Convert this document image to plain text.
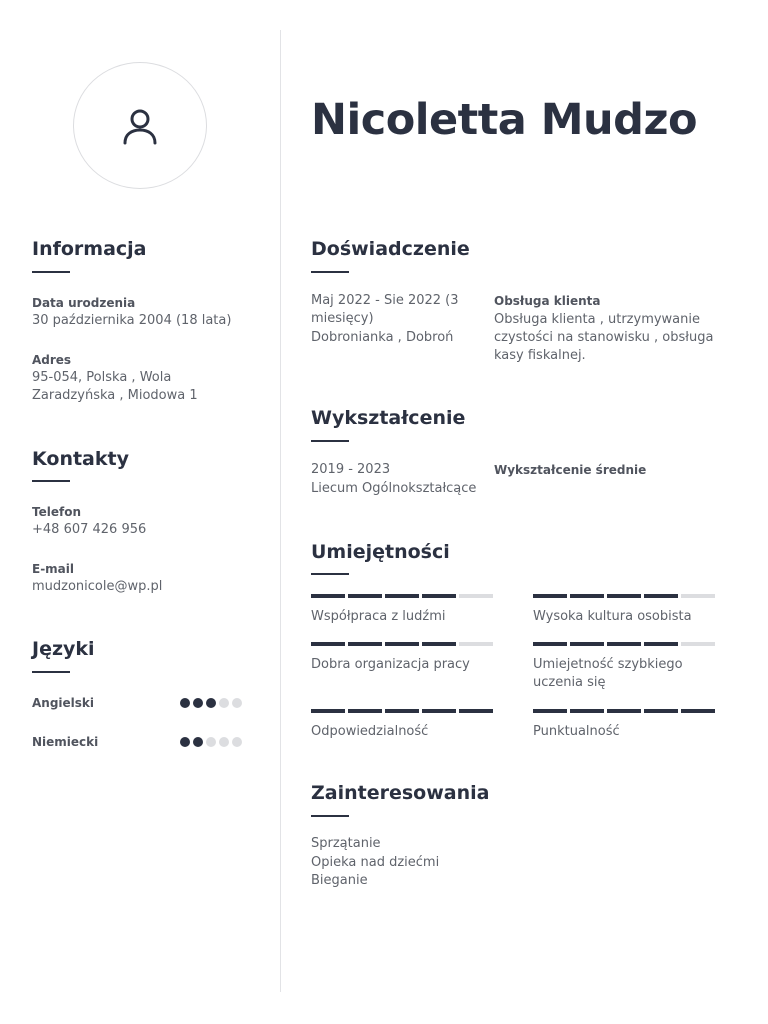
Nicoletta Mudzo
Informacja
Data urodzenia
30 października 2004 (18 lata)
Adres
95-054, Polska , Wola Zaradzyńska , Miodowa 1
Kontakty
Telefon
+48 607 426 956
E-mail
mudzonicole@wp.pl
Języki
Angielski
Niemiecki
Doświadczenie
Maj 2022 - Sie 2022 (3 miesięcy)
Dobronianka , Dobroń
Obsługa klienta
Obsługa klienta , utrzymywanie czystości na stanowisku , obsługa kasy fiskalnej.
Wykształcenie
2019 - 2023
Liecum Ogólnokształcące
Wykształcenie średnie
Umiejętności
Współpraca z ludźmi	Wysoka kultura osobista
Dobra organizacja pracy	Umiejetność szybkiego uczenia się
Odpowiedzialność	Punktualność
Zainteresowania
Sprzątanie
Opieka nad dziećmi
Bieganie
